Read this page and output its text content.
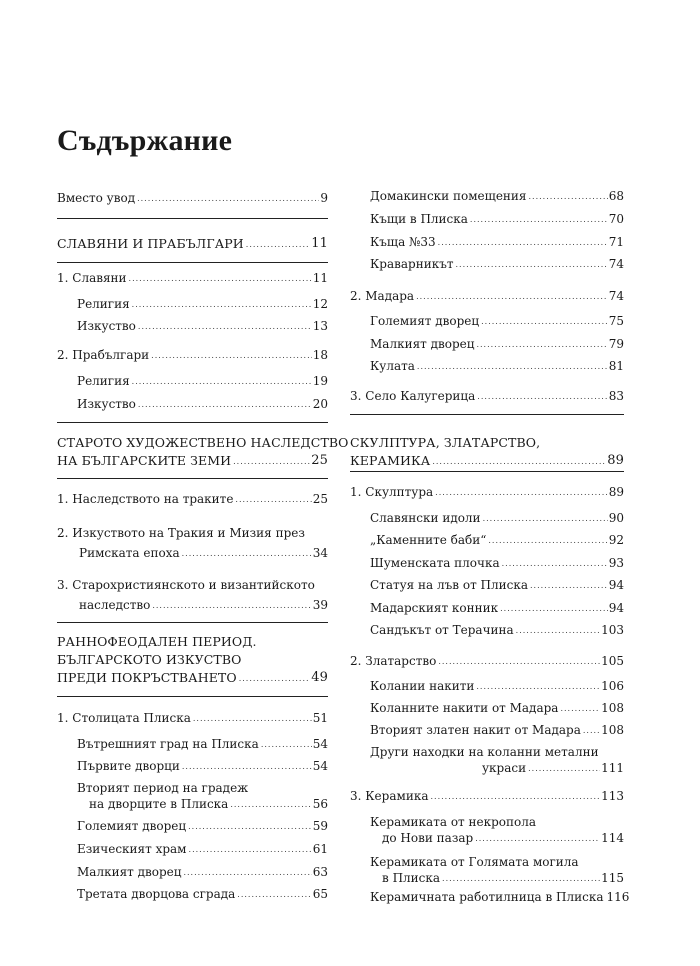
Съдържание
Вместо увод .....	9
СЛАВЯНИ И ПРАБЪЛГАРИ .....	11
1. Славяни .....	11
Религия .....	12
Изкуство .....	13
2. Прабългари .....	18
Религия .....	19
Изкуство .....	20
СТАРОТО ХУДОЖЕСТВЕНО НАСЛЕДСТВО
НА БЪЛГАРСКИТЕ ЗЕМИ .....	25
1. Наследството на траките .....	25
2. Изкуството на Тракия и Мизия през
Римската епоха .....	34
3. Старохристиянското и византийското
наследство .....	39
РАННОФЕОДАЛЕН ПЕРИОД.
БЪЛГАРСКОТО ИЗКУСТВО
ПРЕДИ ПОКРЪСТВАНЕТО .....	49
1. Столицата Плиска .....	51
Вътрешният град на Плиска .....	54
Първите дворци .....	54
Вторият период на градеж
на дворците в Плиска .....	56
Големият дворец .....	59
Езическият храм .....	61
Малкият дворец .....	63
Третата дворцова сграда .....	65
Домакински помещения .....	68
Къщи в Плиска .....	70
Къща №33 .....	71
Краварникът .....	74
2. Мадара .....	74
Големият дворец .....	75
Малкият дворец .....	79
Кулата .....	81
3. Село Калугерица .....	83
СКУЛПТУРА, ЗЛАТАРСТВО,
КЕРАМИКА .....	89
1. Скулптура .....	89
Славянски идоли .....	90
„Каменните баби“ .....	92
Шуменската плочка .....	93
Статуя на лъв от Плиска .....	94
Мадарският конник .....	94
Сандъкът от Терачина .....	103
2. Златарство .....	105
Колании накити .....	106
Коланните накити от Мадара .....	108
Вторият златен накит от Мадара ..... 108
Други находки на коланни метални
украси .....	111
3. Керамика .....	113
Керамиката от некропола
до Нови пазар .....	114
Керамиката от Голямата могила
в Плиска .....	115
Керамичната работилница в Плиска 116
